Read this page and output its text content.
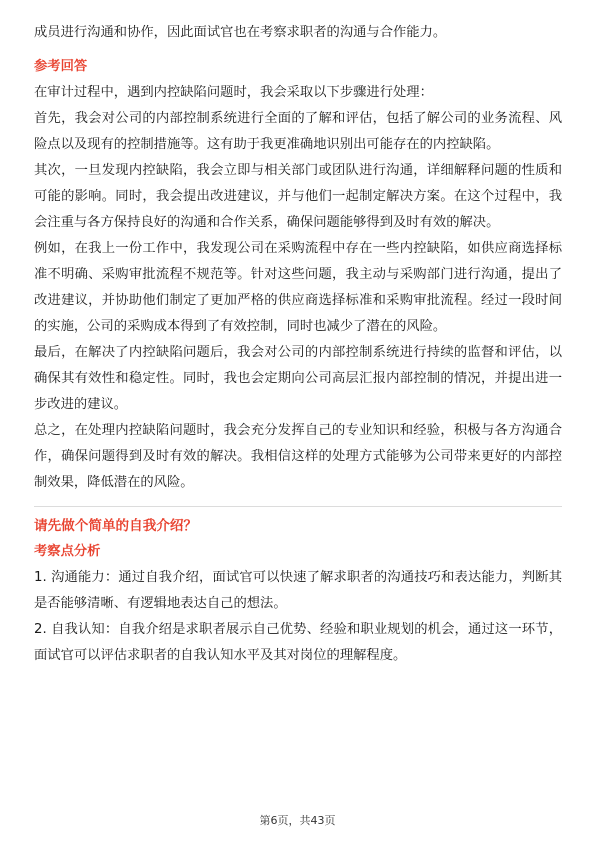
成员进行沟通和协作，因此面试官也在考察求职者的沟通与合作能力。

参考回答

在审计过程中，遇到内控缺陷问题时，我会采取以下步骤进行处理：

首先，我会对公司的内部控制系统进行全面的了解和评估，包括了解公司的业务流程、风险点以及现有的控制措施等。这有助于我更准确地识别出可能存在的内控缺陷。

其次，一旦发现内控缺陷，我会立即与相关部门或团队进行沟通，详细解释问题的性质和可能的影响。同时，我会提出改进建议，并与他们一起制定解决方案。在这个过程中，我会注重与各方保持良好的沟通和合作关系，确保问题能够得到及时有效的解决。

例如，在我上一份工作中，我发现公司在采购流程中存在一些内控缺陷，如供应商选择标准不明确、采购审批流程不规范等。针对这些问题，我主动与采购部门进行沟通，提出了改进建议，并协助他们制定了更加严格的供应商选择标准和采购审批流程。经过一段时间的实施，公司的采购成本得到了有效控制，同时也减少了潜在的风险。

最后，在解决了内控缺陷问题后，我会对公司的内部控制系统进行持续的监督和评估，以确保其有效性和稳定性。同时，我也会定期向公司高层汇报内部控制的情况，并提出进一步改进的建议。

总之，在处理内控缺陷问题时，我会充分发挥自己的专业知识和经验，积极与各方沟通合作，确保问题得到及时有效的解决。我相信这样的处理方式能够为公司带来更好的内部控制效果，降低潜在的风险。

请先做个简单的自我介绍？

考察点分析

1. 沟通能力：通过自我介绍，面试官可以快速了解求职者的沟通技巧和表达能力，判断其是否能够清晰、有逻辑地表达自己的想法。

2. 自我认知：自我介绍是求职者展示自己优势、经验和职业规划的机会，通过这一环节，面试官可以评估求职者的自我认知水平及其对岗位的理解程度。

第6页，共43页
